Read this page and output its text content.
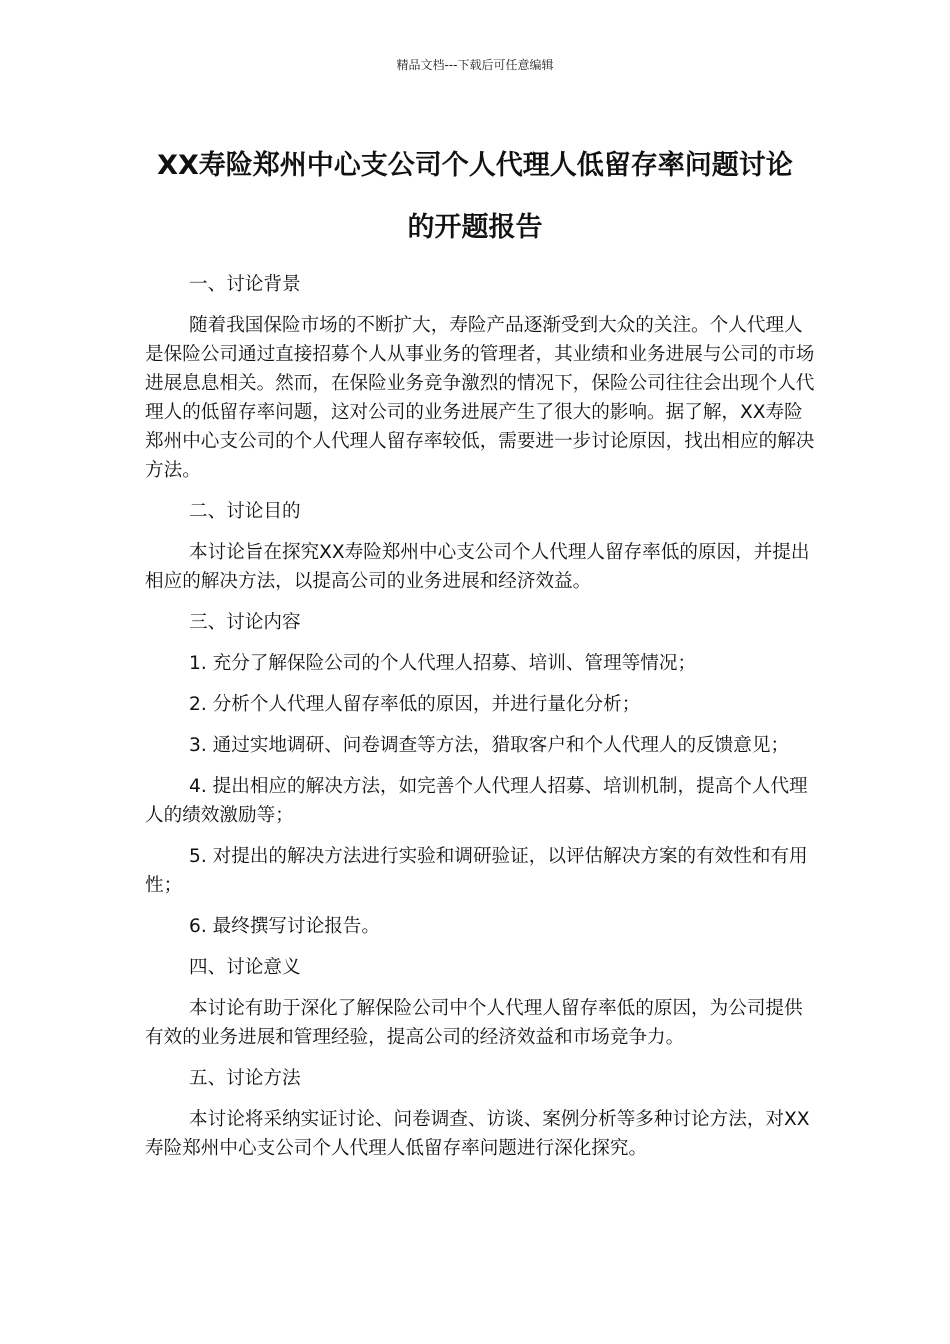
精品文档---下载后可任意编辑
XX寿险郑州中心支公司个人代理人低留存率问题讨论的开题报告

一、讨论背景

随着我国保险市场的不断扩大，寿险产品逐渐受到大众的关注。个人代理人是保险公司通过直接招募个人从事业务的管理者，其业绩和业务进展与公司的市场进展息息相关。然而，在保险业务竞争激烈的情况下，保险公司往往会出现个人代理人的低留存率问题，这对公司的业务进展产生了很大的影响。据了解，XX寿险郑州中心支公司的个人代理人留存率较低，需要进一步讨论原因，找出相应的解决方法。

二、讨论目的

本讨论旨在探究XX寿险郑州中心支公司个人代理人留存率低的原因，并提出相应的解决方法，以提高公司的业务进展和经济效益。

三、讨论内容

1. 充分了解保险公司的个人代理人招募、培训、管理等情况；

2. 分析个人代理人留存率低的原因，并进行量化分析；

3. 通过实地调研、问卷调查等方法，猎取客户和个人代理人的反馈意见；

4. 提出相应的解决方法，如完善个人代理人招募、培训机制，提高个人代理人的绩效激励等；

5. 对提出的解决方法进行实验和调研验证，以评估解决方案的有效性和有用性；

6. 最终撰写讨论报告。

四、讨论意义

本讨论有助于深化了解保险公司中个人代理人留存率低的原因，为公司提供有效的业务进展和管理经验，提高公司的经济效益和市场竞争力。

五、讨论方法

本讨论将采纳实证讨论、问卷调查、访谈、案例分析等多种讨论方法，对XX寿险郑州中心支公司个人代理人低留存率问题进行深化探究。
